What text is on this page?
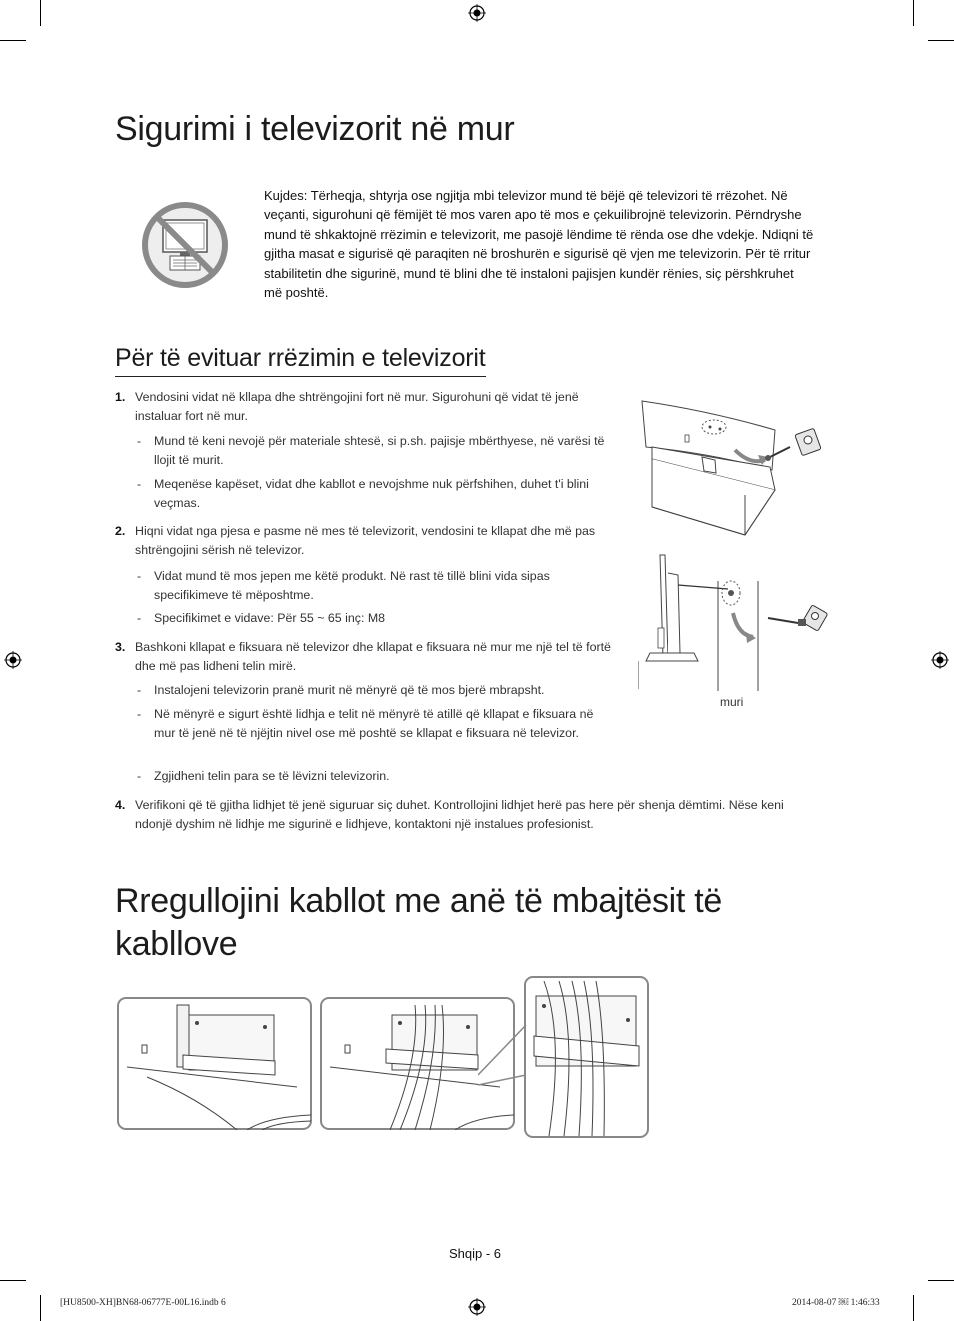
Sigurimi i televizorit në mur
Kujdes: Tërheqja, shtyrja ose ngjitja mbi televizor mund të bëjë që televizori të rrëzohet. Në veçanti, sigurohuni që fëmijët të mos varen apo të mos e çekuilibrojnë televizorin. Përndryshe mund të shkaktojnë rrëzimin e televizorit, me pasojë lëndime të rënda ose dhe vdekje. Ndiqni të gjitha masat e sigurisë që paraqiten në broshurën e sigurisë që vjen me televizorin. Për të rritur stabilitetin dhe sigurinë, mund të blini dhe të instaloni pajisjen kundër rënies, siç përshkruhet më poshtë.
Për të evituar rrëzimin e televizorit
1. Vendosini vidat në kllapa dhe shtrëngojini fort në mur. Sigurohuni që vidat të jenë instaluar fort në mur.
- Mund të keni nevojë për materiale shtesë, si p.sh. pajisje mbërthyese, në varësi të llojit të murit.
- Meqenëse kapëset, vidat dhe kabllot e nevojshme nuk përfshihen, duhet t'i blini veçmas.
2. Hiqni vidat nga pjesa e pasme në mes të televizorit, vendosini te kllapat dhe më pas shtrëngojini sërish në televizor.
- Vidat mund të mos jepen me këtë produkt. Në rast të tillë blini vida sipas specifikimeve të mëposhtme.
- Specifikimet e vidave: Për 55 ~ 65 inç: M8
3. Bashkoni kllapat e fiksuara në televizor dhe kllapat e fiksuara në mur me një tel të fortë dhe më pas lidheni telin mirë.
- Instalojeni televizorin pranë murit në mënyrë që të mos bjerë mbrapsht.
- Në mënyrë e sigurt është lidhja e telit në mënyrë të atillë që kllapat e fiksuara në mur të jenë në të njëjtin nivel ose më poshtë se kllapat e fiksuara në televizor.
- Zgjidheni telin para se të lëvizni televizorin.
4. Verifikoni që të gjitha lidhjet të jenë siguruar siç duhet. Kontrollojini lidhjet herë pas here për shenja dëmtimi. Nëse keni ndonjë dyshim në lidhje me sigurinë e lidhjeve, kontaktoni një instalues profesionist.
muri
Rregullojini kabllot me anë të mbajtësit të kabllove
Shqip - 6
[HU8500-XH]BN68-06777E-00L16.indb 6	2014-08-07 ￼ 1:46:33
